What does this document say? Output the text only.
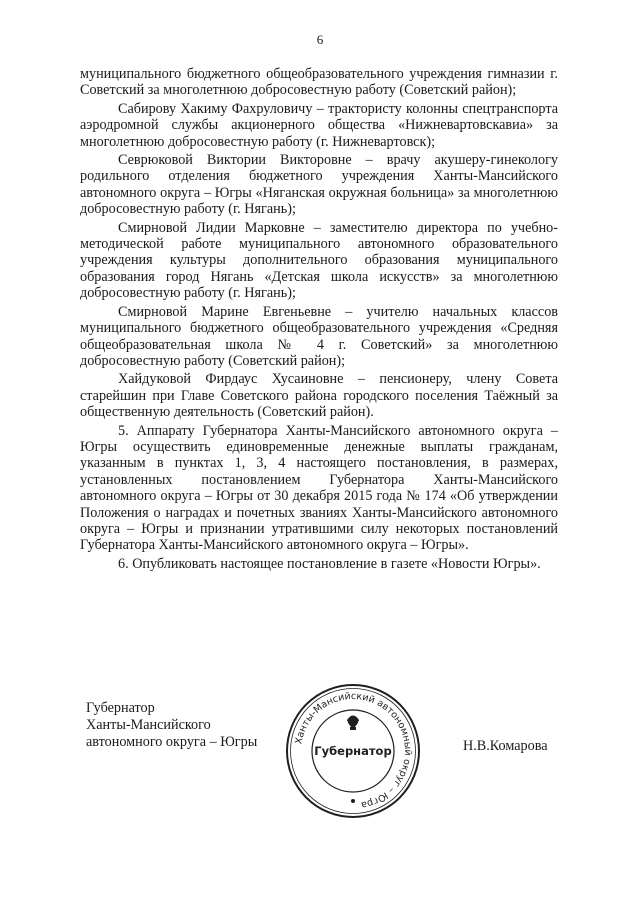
6

муниципального бюджетного общеобразовательного учреждения гимназии г. Советский за многолетнюю добросовестную работу (Советский район);

Сабирову Хакиму Фахруловичу – трактористу колонны спецтранспорта аэродромной службы акционерного общества «Нижневартовскавиа» за многолетнюю добросовестную работу (г. Нижневартовск);

Севрюковой Виктории Викторовне – врачу акушеру-гинекологу родильного отделения бюджетного учреждения Ханты-Мансийского автономного округа – Югры «Няганская окружная больница» за многолетнюю добросовестную работу (г. Нягань);

Смирновой Лидии Марковне – заместителю директора по учебно-методической работе муниципального автономного образовательного учреждения культуры дополнительного образования муниципального образования город Нягань «Детская школа искусств» за многолетнюю добросовестную работу (г. Нягань);

Смирновой Марине Евгеньевне – учителю начальных классов муниципального бюджетного общеобразовательного учреждения «Средняя общеобразовательная школа № 4 г. Советский» за многолетнюю добросовестную работу (Советский район);

Хайдуковой Фирдаус Хусаиновне – пенсионеру, члену Совета старейшин при Главе Советского района городского поселения Таёжный за общественную деятельность (Советский район).

5. Аппарату Губернатора Ханты-Мансийского автономного округа – Югры осуществить единовременные денежные выплаты гражданам, указанным в пунктах 1, 3, 4 настоящего постановления, в размерах, установленных постановлением Губернатора Ханты-Мансийского автономного округа – Югры от 30 декабря 2015 года № 174 «Об утверждении Положения о наградах и почетных званиях Ханты-Мансийского автономного округа – Югры и признании утратившими силу некоторых постановлений Губернатора Ханты-Мансийского автономного округа – Югры».

6. Опубликовать настоящее постановление в газете «Новости Югры».

Губернатор
Ханты-Мансийского
автономного округа – Югры	Ханты-Мансийский автономный округ – Югра
Губернатор	Н.В.Комарова
